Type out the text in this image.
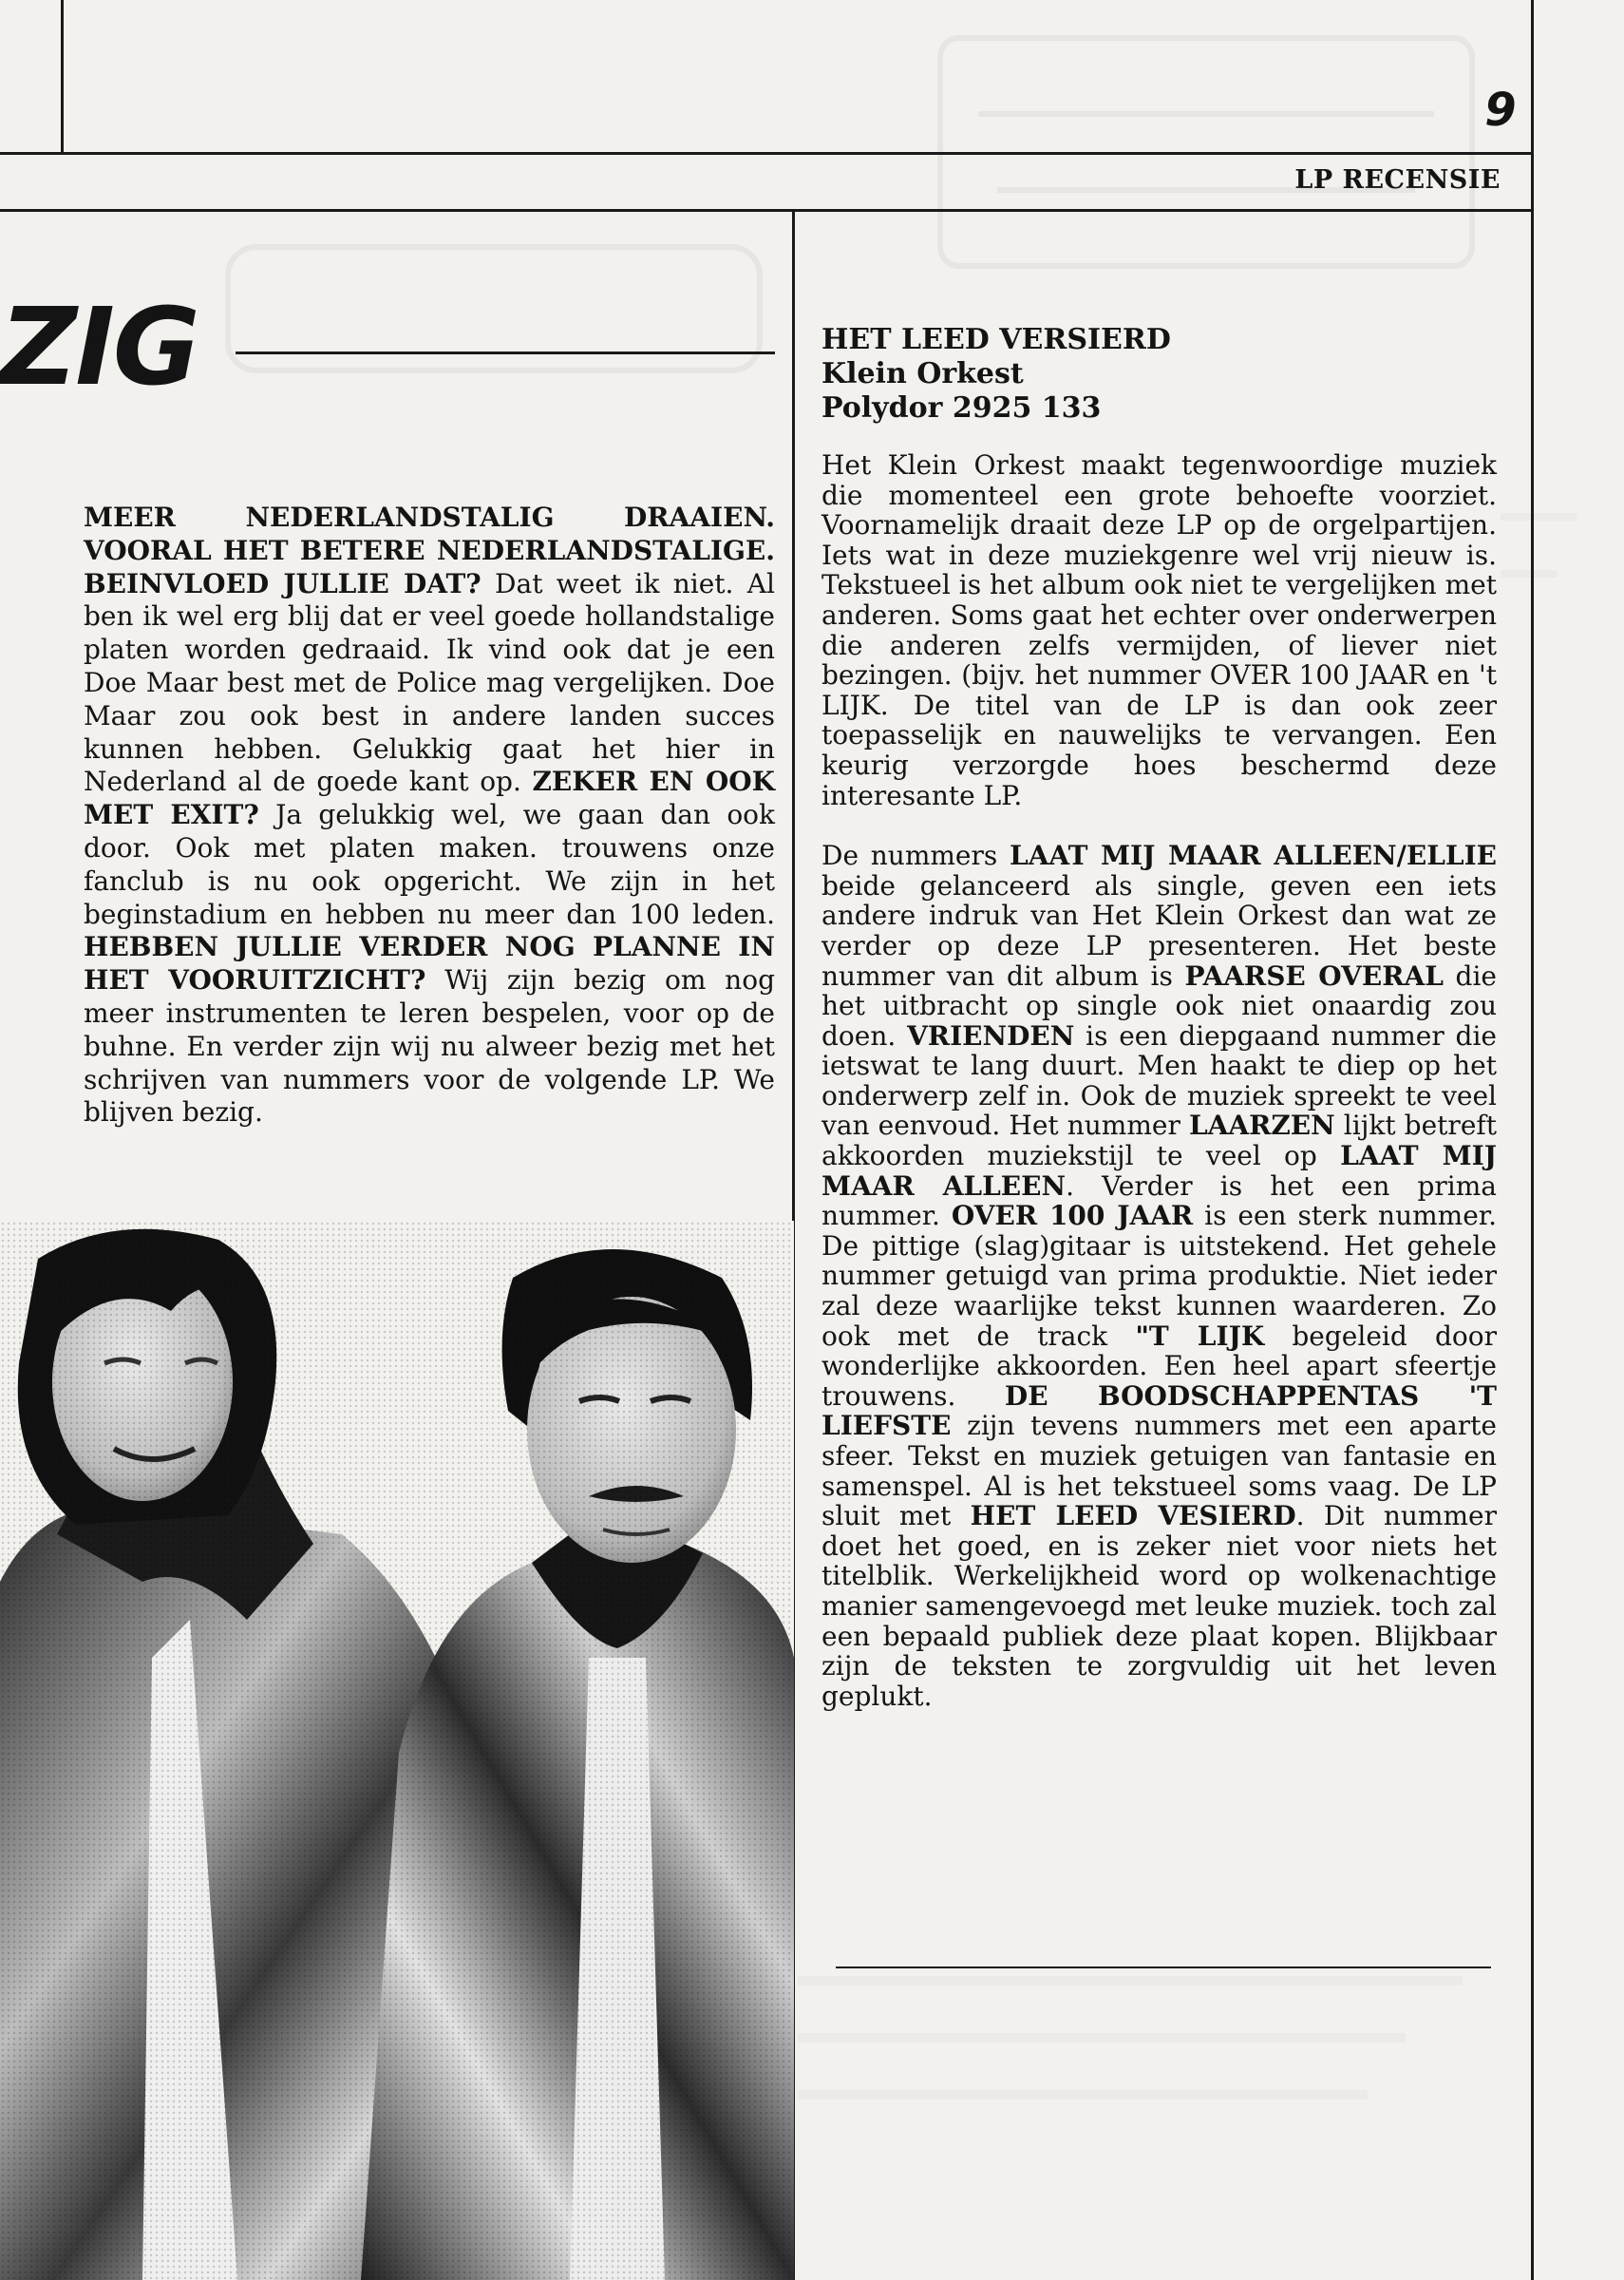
9
LP RECENSIE
ZIG

MEER NEDERLANDSTALIG DRAAIEN. VOORAL HET BETERE NEDERLANDSTALIGE. BEINVLOED JULLIE DAT? Dat weet ik niet. Al ben ik wel erg blij dat er veel goede hollandstalige platen worden gedraaid. Ik vind ook dat je een Doe Maar best met de Police mag vergelijken. Doe Maar zou ook best in andere landen succes kunnen hebben. Gelukkig gaat het hier in Nederland al de goede kant op. ZEKER EN OOK MET EXIT? Ja gelukkig wel, we gaan dan ook door. Ook met platen maken. trouwens onze fanclub is nu ook opgericht. We zijn in het beginstadium en hebben nu meer dan 100 leden. HEBBEN JULLIE VERDER NOG PLANNE IN HET VOORUITZICHT? Wij zijn bezig om nog meer instrumenten te leren bespelen, voor op de buhne. En verder zijn wij nu alweer bezig met het schrijven van nummers voor de volgende LP. We blijven bezig.

HET LEED VERSIERD
Klein Orkest
Polydor 2925 133

Het Klein Orkest maakt tegenwoordige muziek die momenteel een grote behoefte voorziet. Voornamelijk draait deze LP op de orgelpartijen. Iets wat in deze muziekgenre wel vrij nieuw is. Tekstueel is het album ook niet te vergelijken met anderen. Soms gaat het echter over onderwerpen die anderen zelfs vermijden, of liever niet bezingen. (bijv. het nummer OVER 100 JAAR en 't LIJK. De titel van de LP is dan ook zeer toepasselijk en nauwelijks te vervangen. Een keurig verzorgde hoes beschermd deze interesante LP.

De nummers LAAT MIJ MAAR ALLEEN/ELLIE beide gelanceerd als single, geven een iets andere indruk van Het Klein Orkest dan wat ze verder op deze LP presenteren. Het beste nummer van dit album is PAARSE OVERAL die het uitbracht op single ook niet onaardig zou doen. VRIENDEN is een diepgaand nummer die ietswat te lang duurt. Men haakt te diep op het onderwerp zelf in. Ook de muziek spreekt te veel van eenvoud. Het nummer LAARZEN lijkt betreft akkoorden muziekstijl te veel op LAAT MIJ MAAR ALLEEN. Verder is het een prima nummer. OVER 100 JAAR is een sterk nummer. De pittige (slag)gitaar is uitstekend. Het gehele nummer getuigd van prima produktie. Niet ieder zal deze waarlijke tekst kunnen waarderen. Zo ook met de track "T LIJK begeleid door wonderlijke akkoorden. Een heel apart sfeertje trouwens. DE BOODSCHAPPENTAS 'T LIEFSTE zijn tevens nummers met een aparte sfeer. Tekst en muziek getuigen van fantasie en samenspel. Al is het tekstueel soms vaag. De LP sluit met HET LEED VESIERD. Dit nummer doet het goed, en is zeker niet voor niets het titelblik. Werkelijkheid word op wolkenachtige manier samengevoegd met leuke muziek. toch zal een bepaald publiek deze plaat kopen. Blijkbaar zijn de teksten te zorgvuldig uit het leven geplukt.
